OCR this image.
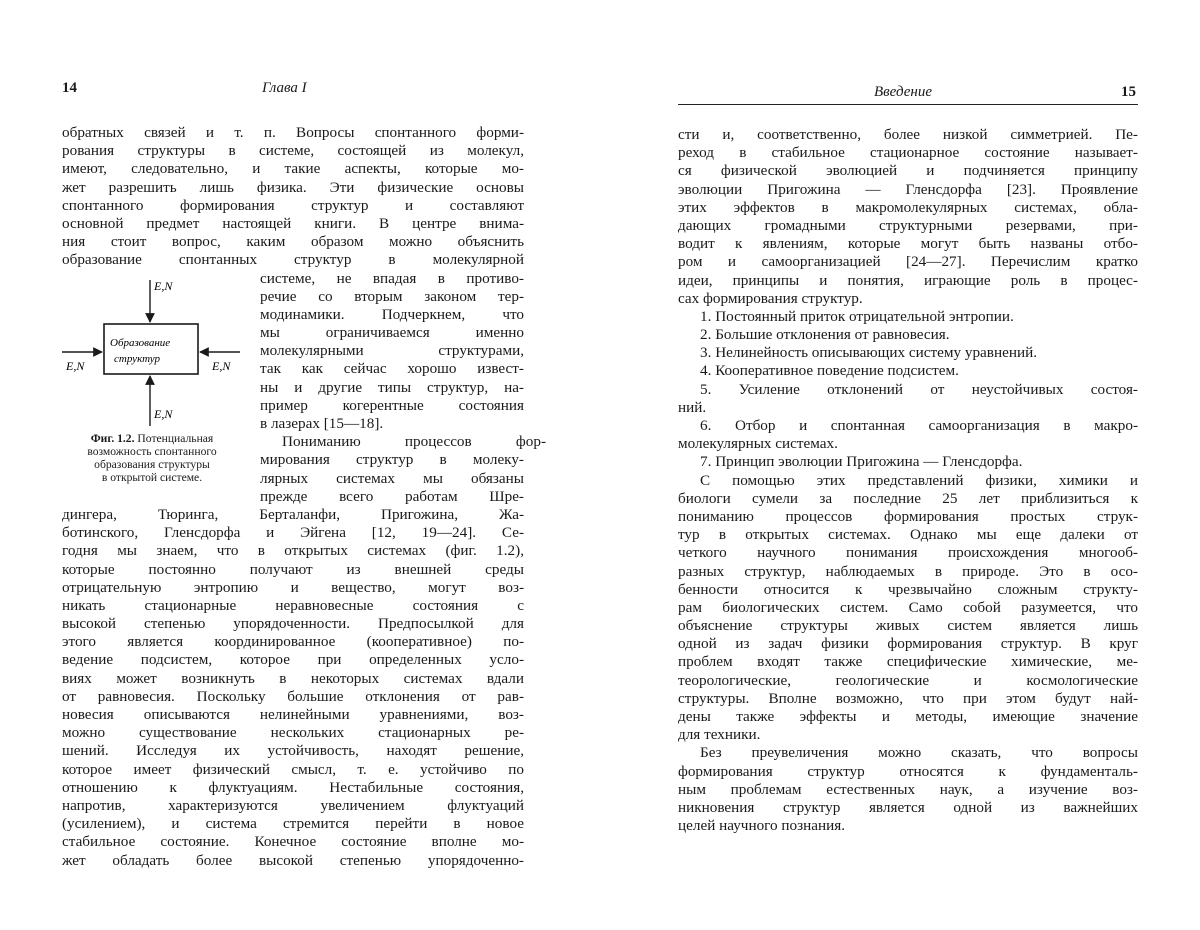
14	Глава I
обратных связей и т. п. Вопросы спонтанного форми-
рования структуры в системе, состоящей из молекул,
имеют, следовательно, и такие аспекты, которые мо-
жет разрешить лишь физика. Эти физические основы
спонтанного формирования структур и составляют
основной предмет настоящей книги. В центре внима-
ния стоит вопрос, каким образом можно объяснить
образование спонтанных структур в молекулярной
системе, не впадая в противо-
речие со вторым законом тер-
модинамики. Подчеркнем, что
мы ограничиваемся именно
молекулярными структурами,
так как сейчас хорошо извест-
ны и другие типы структур, на-
пример когерентные состояния
в лазерах [15—18].
Пониманию процессов фор-
мирования структур в молеку-
лярных системах мы обязаны
прежде всего работам Шре-
дингера, Тюринга, Берталанфи, Пригожина, Жа-
ботинского, Гленсдорфа и Эйгена [12, 19—24]. Се-
годня мы знаем, что в открытых системах (фиг. 1.2),
которые постоянно получают из внешней среды
отрицательную энтропию и вещество, могут воз-
никать стационарные неравновесные состояния с
высокой степенью упорядоченности. Предпосылкой для
этого является координированное (кооперативное) по-
ведение подсистем, которое при определенных усло-
виях может возникнуть в некоторых системах вдали
от равновесия. Поскольку большие отклонения от рав-
новесия описываются нелинейными уравнениями, воз-
можно существование нескольких стационарных ре-
шений. Исследуя их устойчивость, находят решение,
которое имеет физический смысл, т. е. устойчиво по
отношению к флуктуациям. Нестабильные состояния,
напротив, характеризуются увеличением флуктуаций
(усилением), и система стремится перейти в новое
стабильное состояние. Конечное состояние вполне мо-
жет обладать более высокой степенью упорядоченно-
E,N
E,N
E,N	E,N
Образование
структур
Фиг. 1.2. Потенциальная
возможность спонтанного
образования структуры
в открытой системе.
Введение	15
сти и, соответственно, более низкой симметрией. Пе-
реход в стабильное стационарное состояние называет-
ся физической эволюцией и подчиняется принципу
эволюции Пригожина — Гленсдорфа [23]. Проявление
этих эффектов в макромолекулярных системах, обла-
дающих громадными структурными резервами, при-
водит к явлениям, которые могут быть названы отбо-
ром и самоорганизацией [24—27]. Перечислим кратко
идеи, принципы и понятия, играющие роль в процес-
сах формирования структур.
1. Постоянный приток отрицательной энтропии.
2. Большие отклонения от равновесия.
3. Нелинейность описывающих систему уравнений.
4. Кооперативное поведение подсистем.
5. Усиление отклонений от неустойчивых состоя-
ний.
6. Отбор и спонтанная самоорганизация в макро-
молекулярных системах.
7. Принцип эволюции Пригожина — Гленсдорфа.
С помощью этих представлений физики, химики и
биологи сумели за последние 25 лет приблизиться к
пониманию процессов формирования простых струк-
тур в открытых системах. Однако мы еще далеки от
четкого научного понимания происхождения многооб-
разных структур, наблюдаемых в природе. Это в осо-
бенности относится к чрезвычайно сложным структу-
рам биологических систем. Само собой разумеется, что
объяснение структуры живых систем является лишь
одной из задач физики формирования структур. В круг
проблем входят также специфические химические, ме-
теорологические, геологические и космологические
структуры. Вполне возможно, что при этом будут най-
дены также эффекты и методы, имеющие значение
для техники.
Без преувеличения можно сказать, что вопросы
формирования структур относятся к фундаменталь-
ным проблемам естественных наук, а изучение воз-
никновения структур является одной из важнейших
целей научного познания.
